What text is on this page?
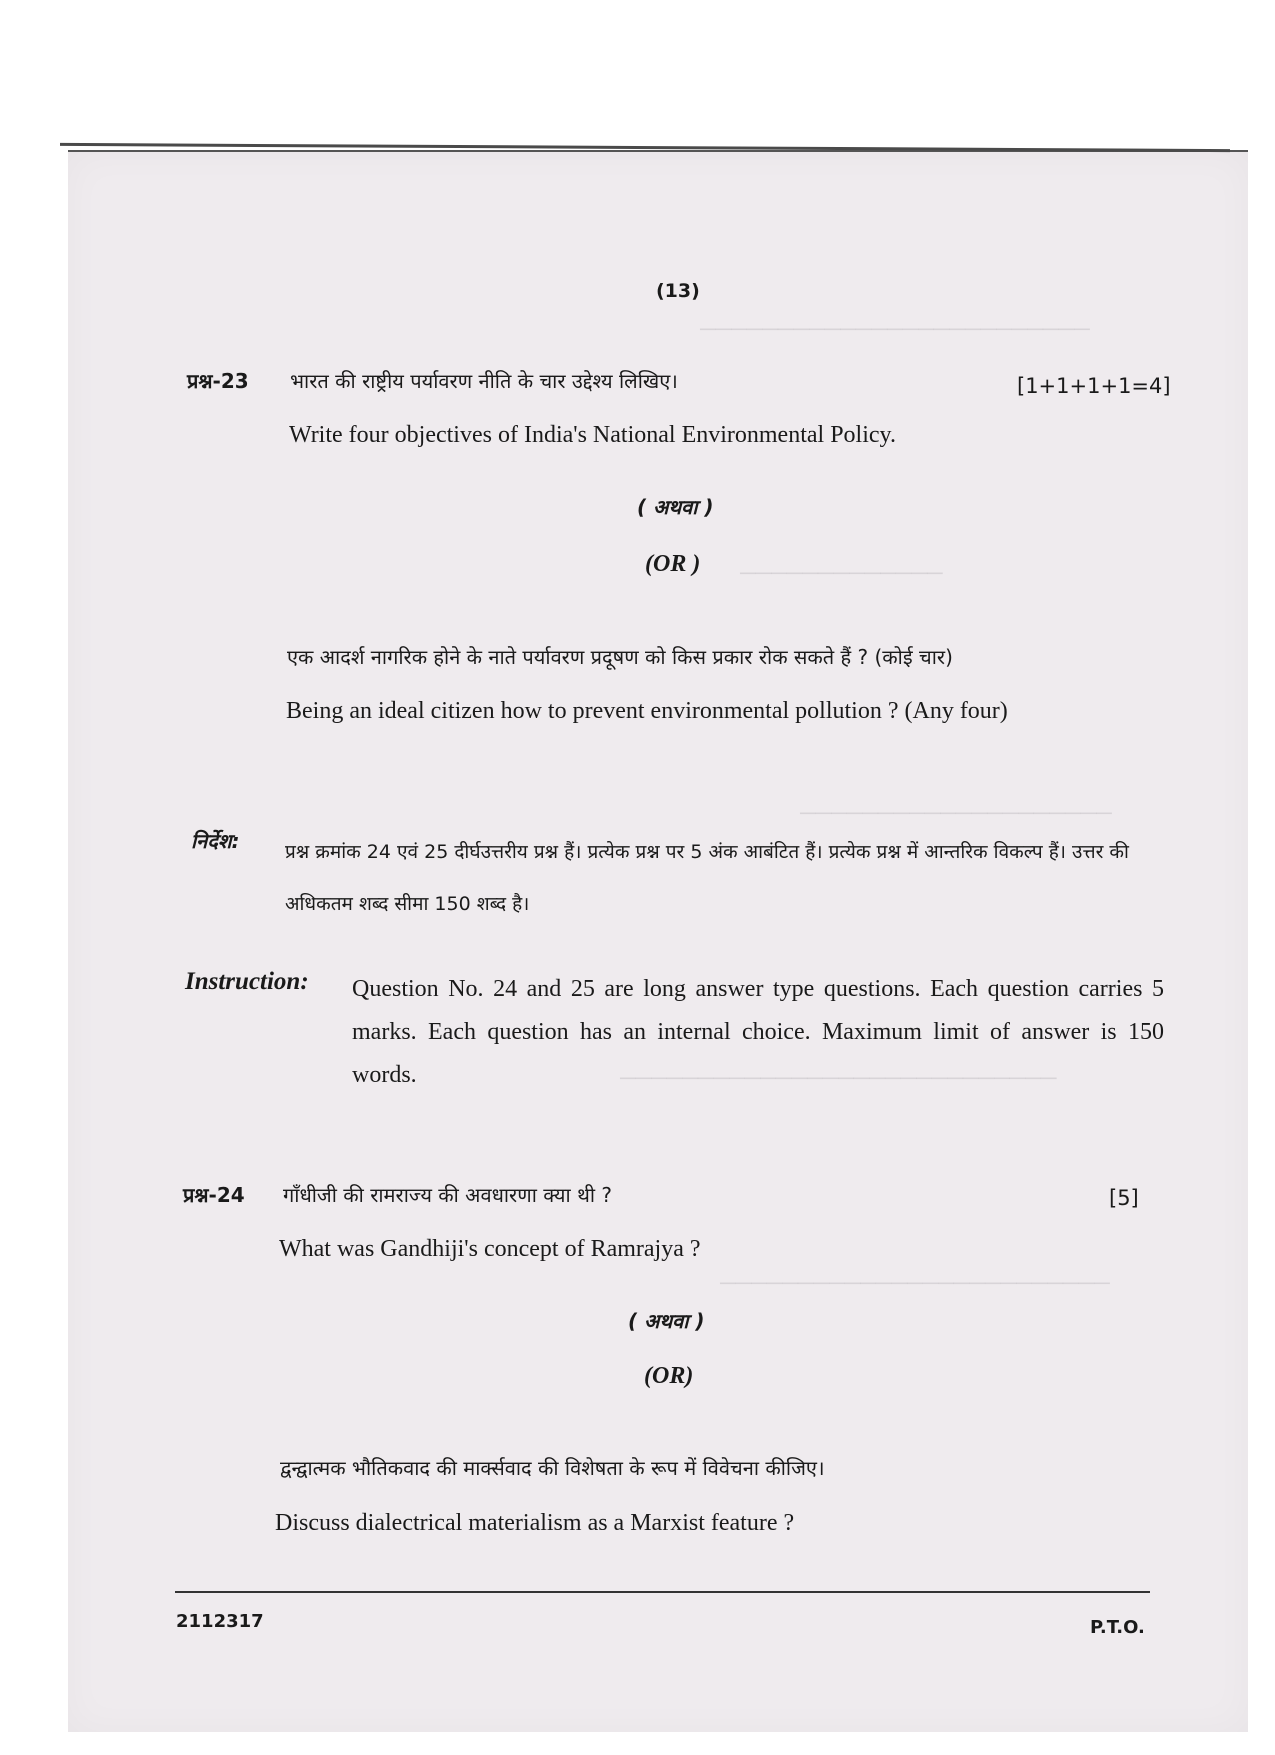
─────────────────────────
─────────────
────────────────────
────────────────────────────
─────────────────────────
(13)
प्रश्न-23 भारत की राष्ट्रीय पर्यावरण नीति के चार उद्देश्य लिखिए।	[1+1+1+1=4]
Write four objectives of India's National Environmental Policy.
( अथवा )
(OR )
एक आदर्श नागरिक होने के नाते पर्यावरण प्रदूषण को किस प्रकार रोक सकते हैं ? (कोई चार)
Being an ideal citizen how to prevent environmental pollution ? (Any four)
निर्देश: प्रश्न क्रमांक 24 एवं 25 दीर्घउत्तरीय प्रश्न हैं। प्रत्येक प्रश्न पर 5 अंक आबंटित हैं। प्रत्येक प्रश्न में आन्तरिक विकल्प हैं। उत्तर की अधिकतम शब्द सीमा 150 शब्द है।
Instruction: Question No. 24 and 25 are long answer type questions. Each question carries 5 marks. Each question has an internal choice. Maximum limit of answer is 150 words.
प्रश्न-24 गाँधीजी की रामराज्य की अवधारणा क्या थी ?	[5]
What was Gandhiji's concept of Ramrajya ?
( अथवा )
(OR)
द्वन्द्वात्मक भौतिकवाद की मार्क्सवाद की विशेषता के रूप में विवेचना कीजिए।
Discuss dialectrical materialism as a Marxist feature ?
2112317	P.T.O.
